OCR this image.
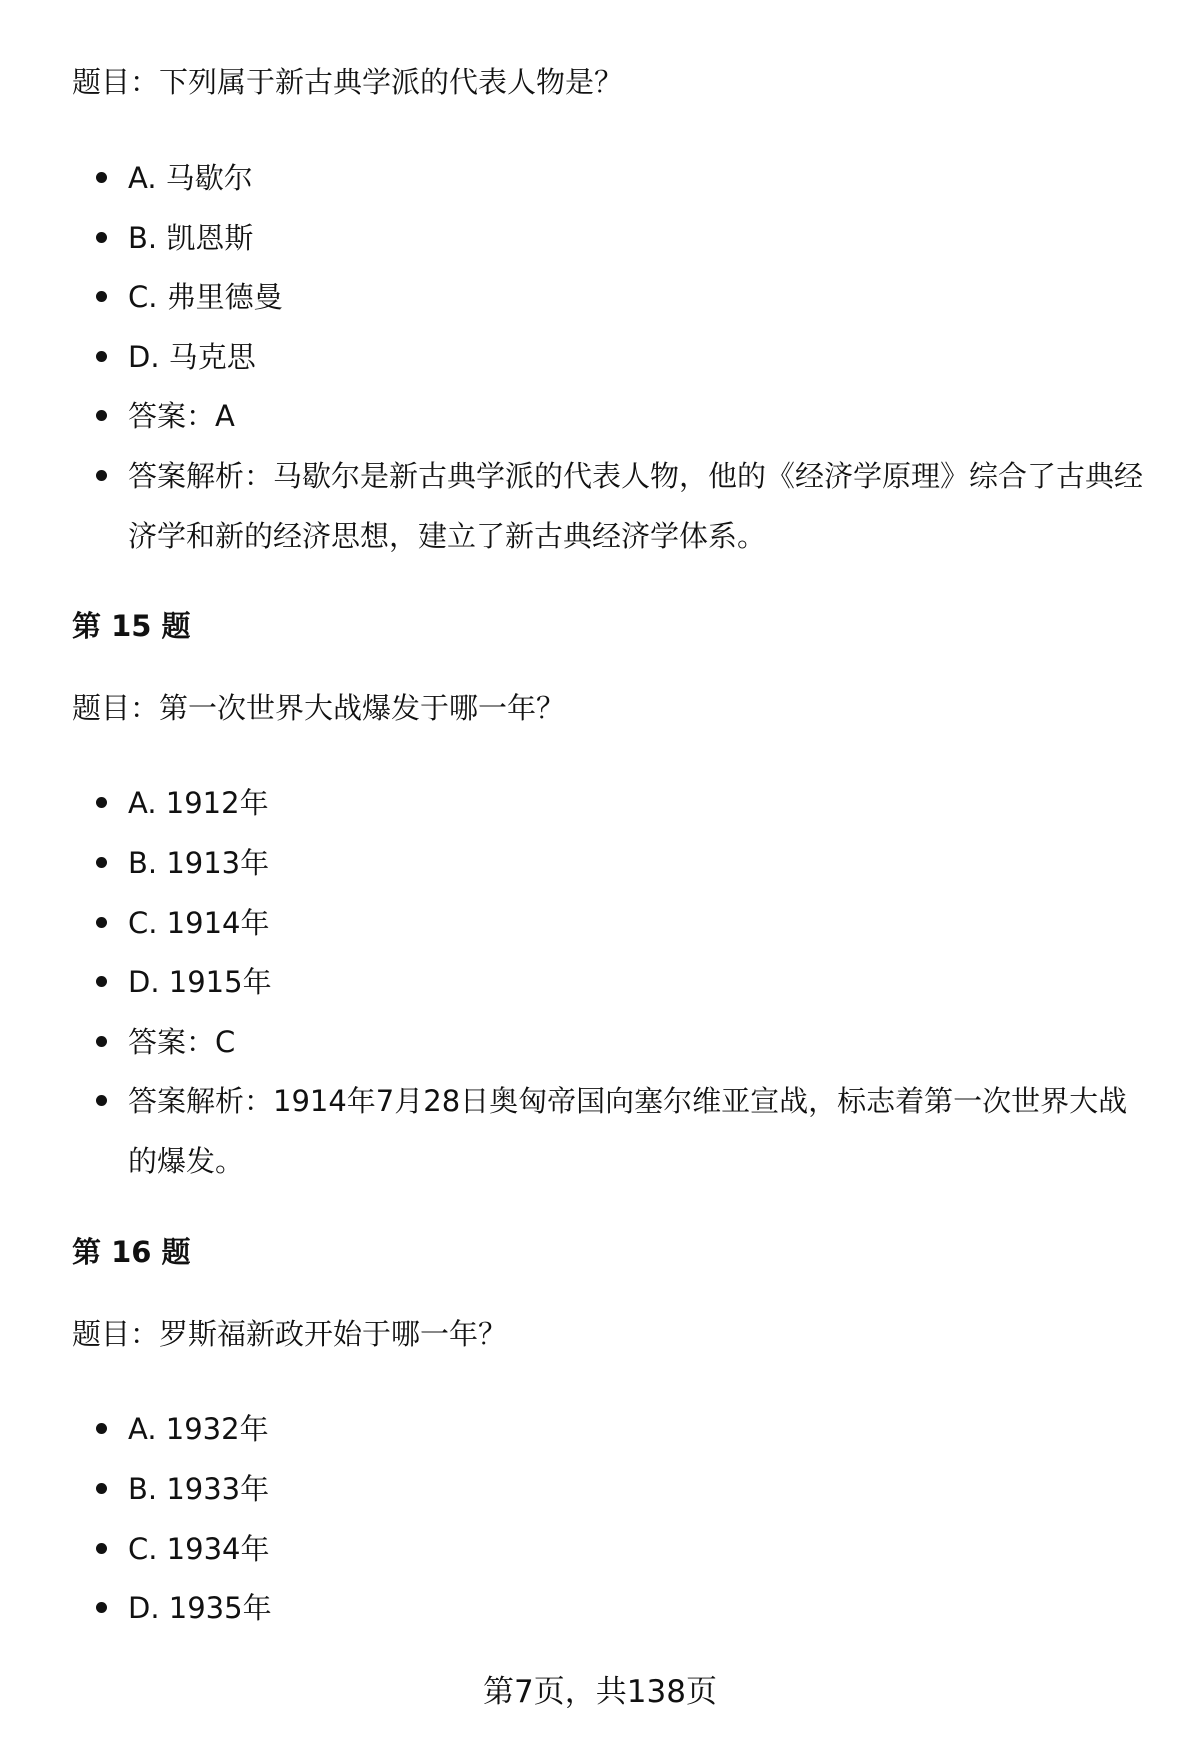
题目：下列属于新古典学派的代表人物是？
A. 马歇尔
B. 凯恩斯
C. 弗里德曼
D. 马克思
答案：A
答案解析：马歇尔是新古典学派的代表人物，他的《经济学原理》综合了古典经济学和新的经济思想，建立了新古典经济学体系。
第 15 题
题目：第一次世界大战爆发于哪一年？
A. 1912年
B. 1913年
C. 1914年
D. 1915年
答案：C
答案解析：1914年7月28日奥匈帝国向塞尔维亚宣战，标志着第一次世界大战的爆发。
第 16 题
题目：罗斯福新政开始于哪一年？
A. 1932年
B. 1933年
C. 1934年
D. 1935年
第7页，共138页
